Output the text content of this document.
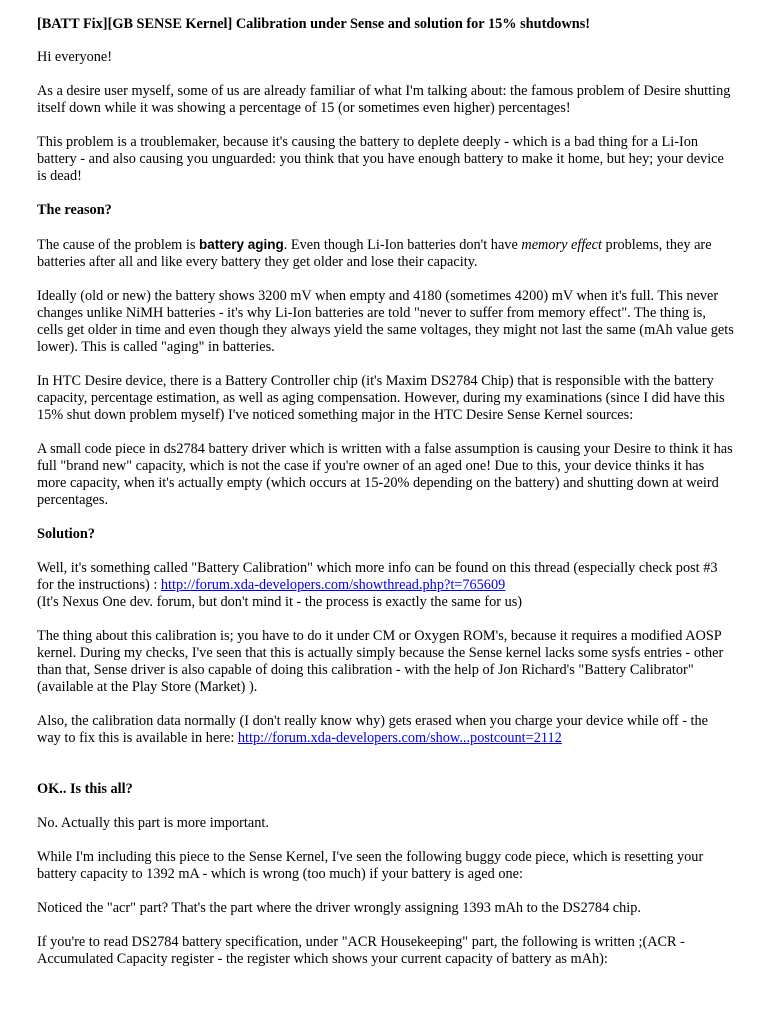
[BATT Fix][GB SENSE Kernel] Calibration under Sense and solution for 15% shutdowns!

Hi everyone!

As a desire user myself, some of us are already familiar of what I'm talking about: the famous problem of Desire shutting itself down while it was showing a percentage of 15 (or sometimes even higher) percentages!

This problem is a troublemaker, because it's causing the battery to deplete deeply - which is a bad thing for a Li-Ion battery - and also causing you unguarded: you think that you have enough battery to make it home, but hey; your device is dead!

The reason?

The cause of the problem is battery aging. Even though Li-Ion batteries don't have memory effect problems, they are batteries after all and like every battery they get older and lose their capacity.

Ideally (old or new) the battery shows 3200 mV when empty and 4180 (sometimes 4200) mV when it's full. This never changes unlike NiMH batteries - it's why Li-Ion batteries are told "never to suffer from memory effect". The thing is, cells get older in time and even though they always yield the same voltages, they might not last the same (mAh value gets lower). This is called "aging" in batteries.

In HTC Desire device, there is a Battery Controller chip (it's Maxim DS2784 Chip) that is responsible with the battery capacity, percentage estimation, as well as aging compensation. However, during my examinations (since I did have this 15% shut down problem myself) I've noticed something major in the HTC Desire Sense Kernel sources:

A small code piece in ds2784 battery driver which is written with a false assumption is causing your Desire to think it has full "brand new" capacity, which is not the case if you're owner of an aged one! Due to this, your device thinks it has more capacity, when it's actually empty (which occurs at 15-20% depending on the battery) and shutting down at weird percentages.

Solution?

Well, it's something called "Battery Calibration" which more info can be found on this thread (especially check post #3 for the instructions) : http://forum.xda-developers.com/showthread.php?t=765609
(It's Nexus One dev. forum, but don't mind it - the process is exactly the same for us)

The thing about this calibration is; you have to do it under CM or Oxygen ROM's, because it requires a modified AOSP kernel. During my checks, I've seen that this is actually simply because the Sense kernel lacks some sysfs entries - other than that, Sense driver is also capable of doing this calibration - with the help of Jon Richard's "Battery Calibrator" (available at the Play Store (Market) ).

Also, the calibration data normally (I don't really know why) gets erased when you charge your device while off - the way to fix this is available in here: http://forum.xda-developers.com/show...postcount=2112

OK.. Is this all?

No. Actually this part is more important.

While I'm including this piece to the Sense Kernel, I've seen the following buggy code piece, which is resetting your battery capacity to 1392 mA - which is wrong (too much) if your battery is aged one:

Noticed the "acr" part? That's the part where the driver wrongly assigning 1393 mAh to the DS2784 chip.

If you're to read DS2784 battery specification, under "ACR Housekeeping" part, the following is written ;(ACR - Accumulated Capacity register - the register which shows your current capacity of battery as mAh):
